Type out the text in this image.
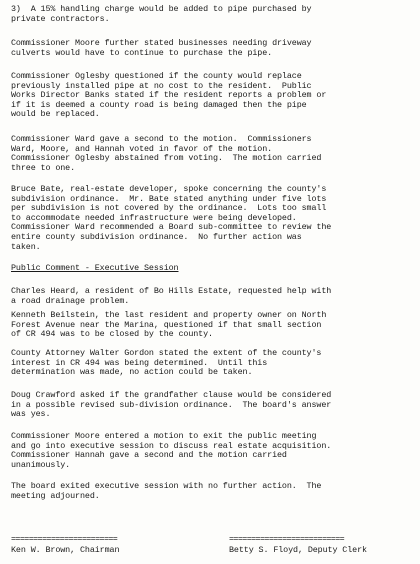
3)  A 15% handling charge would be added to pipe purchased by
private contractors.
Commissioner Moore further stated businesses needing driveway
culverts would have to continue to purchase the pipe.
Commissioner Oglesby questioned if the county would replace
previously installed pipe at no cost to the resident.  Public
Works Director Banks stated if the resident reports a problem or
if it is deemed a county road is being damaged then the pipe
would be replaced.
Commissioner Ward gave a second to the motion.  Commissioners
Ward, Moore, and Hannah voted in favor of the motion.
Commissioner Oglesby abstained from voting.  The motion carried
three to one.
Bruce Bate, real-estate developer, spoke concerning the county's
subdivision ordinance.  Mr. Bate stated anything under five lots
per subdivision is not covered by the ordinance.  Lots too small
to accommodate needed infrastructure were being developed.
Commissioner Ward recommended a Board sub-committee to review the
entire county subdivision ordinance.  No further action was
taken.
Public Comment - Executive Session
Charles Heard, a resident of Bo Hills Estate, requested help with
a road drainage problem.
Kenneth Beilstein, the last resident and property owner on North
Forest Avenue near the Marina, questioned if that small section
of CR 494 was to be closed by the county.
County Attorney Walter Gordon stated the extent of the county's
interest in CR 494 was being determined.  Until this
determination was made, no action could be taken.
Doug Crawford asked if the grandfather clause would be considered
in a possible revised sub-division ordinance.  The board's answer
was yes.
Commissioner Moore entered a motion to exit the public meeting
and go into executive session to discuss real estate acquisition.
Commissioner Hannah gave a second and the motion carried
unanimously.
The board exited executive session with no further action.  The
meeting adjourned.
========================
Ken W. Brown, Chairman
==========================
Betty S. Floyd, Deputy Clerk
